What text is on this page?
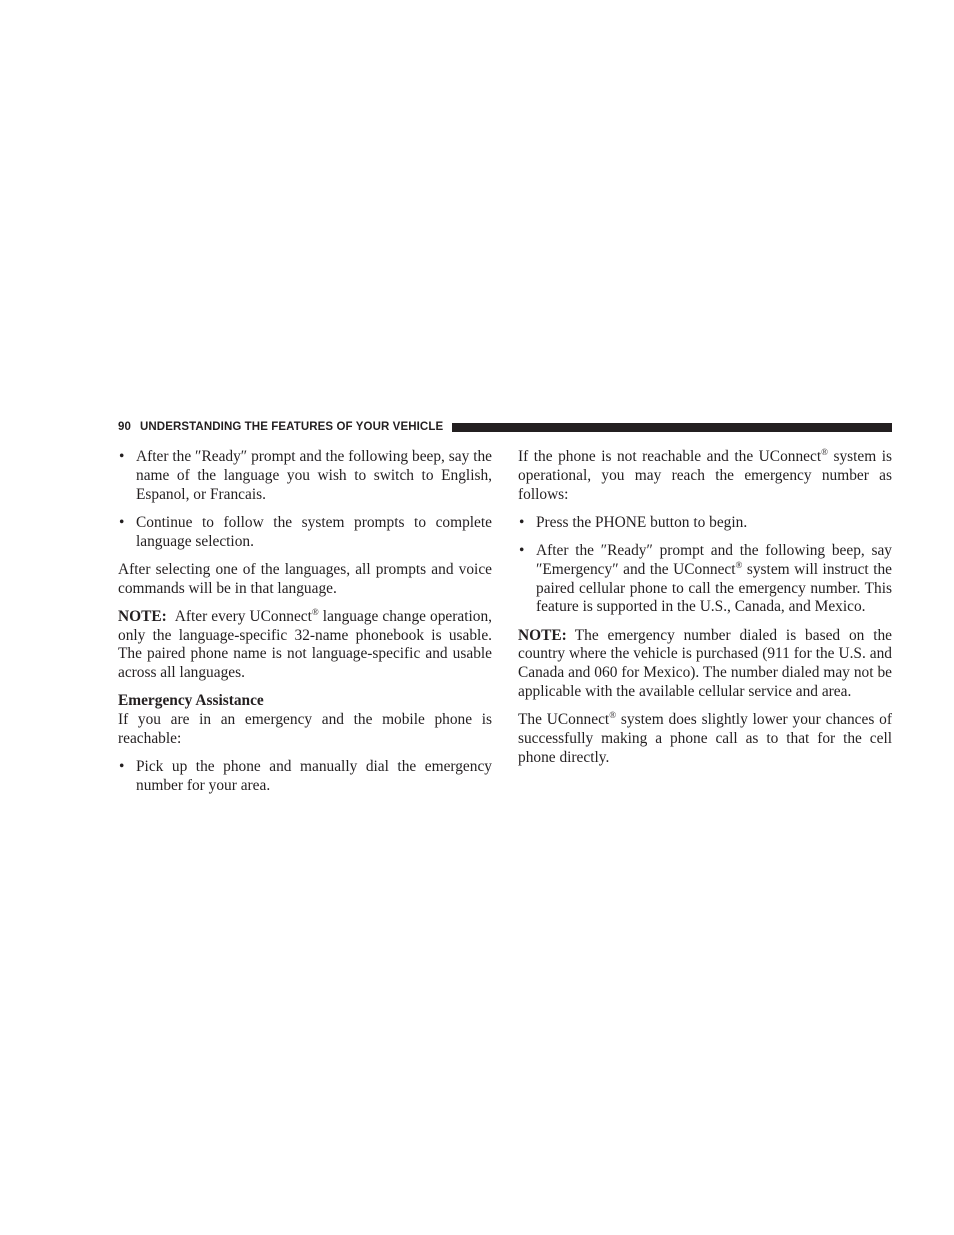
90 UNDERSTANDING THE FEATURES OF YOUR VEHICLE
• After the ″Ready″ prompt and the following beep, say the name of the language you wish to switch to English, Espanol, or Francais.
• Continue to follow the system prompts to complete language selection.

After selecting one of the languages, all prompts and voice commands will be in that language.

NOTE: After every UConnect® language change operation, only the language-specific 32-name phonebook is usable. The paired phone name is not language-specific and usable across all languages.

Emergency Assistance

If you are in an emergency and the mobile phone is reachable:

• Pick up the phone and manually dial the emergency number for your area.

If the phone is not reachable and the UConnect® system is operational, you may reach the emergency number as follows:

• Press the PHONE button to begin.
• After the ″Ready″ prompt and the following beep, say ″Emergency″ and the UConnect® system will instruct the paired cellular phone to call the emergency number. This feature is supported in the U.S., Canada, and Mexico.

NOTE: The emergency number dialed is based on the country where the vehicle is purchased (911 for the U.S. and Canada and 060 for Mexico). The number dialed may not be applicable with the available cellular service and area.

The UConnect® system does slightly lower your chances of successfully making a phone call as to that for the cell phone directly.
